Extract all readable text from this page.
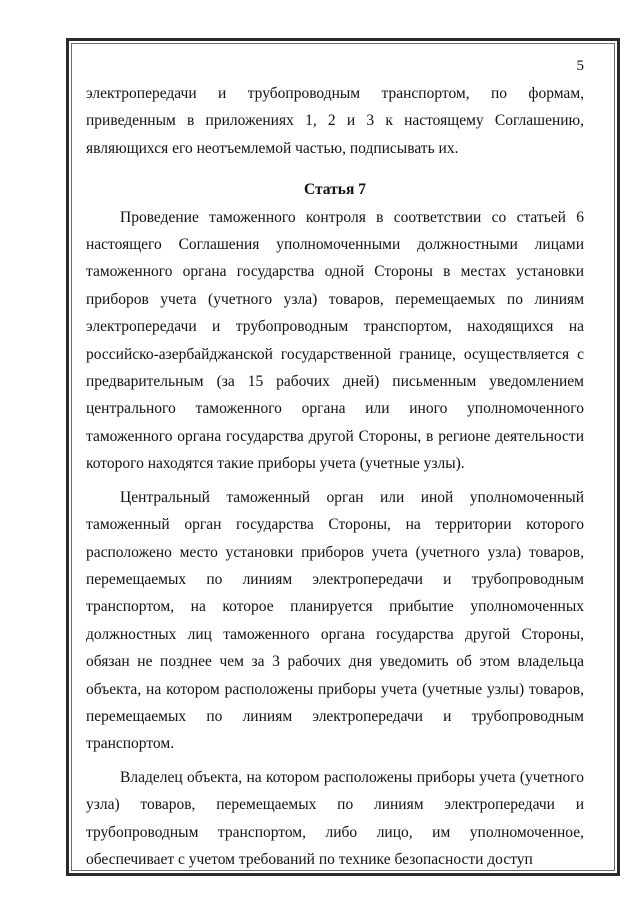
5

электропередачи и трубопроводным транспортом, по формам, приведенным в приложениях 1, 2 и 3 к настоящему Соглашению, являющихся его неотъемлемой частью, подписывать их.

Статья 7

Проведение таможенного контроля в соответствии со статьей 6 настоящего Соглашения уполномоченными должностными лицами таможенного органа государства одной Стороны в местах установки приборов учета (учетного узла) товаров, перемещаемых по линиям электропередачи и трубопроводным транспортом, находящихся на российско-азербайджанской государственной границе, осуществляется с предварительным (за 15 рабочих дней) письменным уведомлением центрального таможенного органа или иного уполномоченного таможенного органа государства другой Стороны, в регионе деятельности которого находятся такие приборы учета (учетные узлы).

Центральный таможенный орган или иной уполномоченный таможенный орган государства Стороны, на территории которого расположено место установки приборов учета (учетного узла) товаров, перемещаемых по линиям электропередачи и трубопроводным транспортом, на которое планируется прибытие уполномоченных должностных лиц таможенного органа государства другой Стороны, обязан не позднее чем за 3 рабочих дня уведомить об этом владельца объекта, на котором расположены приборы учета (учетные узлы) товаров, перемещаемых по линиям электропередачи и трубопроводным транспортом.

Владелец объекта, на котором расположены приборы учета (учетного узла) товаров, перемещаемых по линиям электропередачи и трубопроводным транспортом, либо лицо, им уполномоченное, обеспечивает с учетом требований по технике безопасности доступ
